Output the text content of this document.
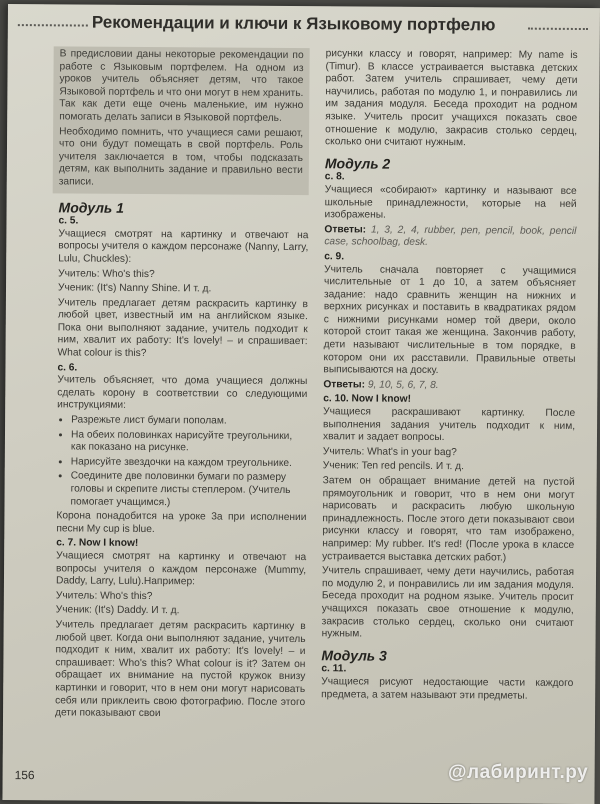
Рекомендации и ключи к Языковому портфелю

В предисловии даны некоторые рекомендации по работе с Языковым портфелем. На одном из уроков учитель объясняет детям, что такое Языковой портфель и что они могут в нем хранить. Так как дети еще очень маленькие, им нужно помогать делать записи в Языковой портфель.

Необходимо помнить, что учащиеся сами решают, что они будут помещать в свой портфель. Роль учителя заключается в том, чтобы подсказать детям, как выполнить задание и правильно вести записи.

Модуль 1
с. 5.

Учащиеся смотрят на картинку и отвечают на вопросы учителя о каждом персонаже (Nanny, Larry, Lulu, Chuckles):

Учитель: Who's this?

Ученик: (It's) Nanny Shine. И т. д.

Учитель предлагает детям раскрасить картинку в любой цвет, известный им на английском языке. Пока они выполняют задание, учитель подходит к ним, хвалит их работу: It's lovely! – и спрашивает: What colour is this?

с. 6.

Учитель объясняет, что дома учащиеся должны сделать корону в соответствии со следующими инструкциями:

• Разрежьте лист бумаги пополам.
• На обеих половинках нарисуйте треугольники, как показано на рисунке.
• Нарисуйте звездочки на каждом треугольнике.
• Соедините две половинки бумаги по размеру головы и скрепите листы степлером. (Учитель помогает учащимся.)

Корона понадобится на уроке 3а при исполнении песни My cup is blue.

с. 7. Now I know!

Учащиеся смотрят на картинку и отвечают на вопросы учителя о каждом персонаже (Mummy, Daddy, Larry, Lulu).Например:

Учитель: Who's this?

Ученик: (It's) Daddy. И т. д.

Учитель предлагает детям раскрасить картинку в любой цвет. Когда они выполняют задание, учитель подходит к ним, хвалит их работу: It's lovely! – и спрашивает: Who's this? What colour is it? Затем он обращает их внимание на пустой кружок внизу картинки и говорит, что в нем они могут нарисовать себя или приклеить свою фотографию. После этого дети показывают свои

рисунки классу и говорят, например: My name is (Timur). В классе устраивается выставка детских работ. Затем учитель спрашивает, чему дети научились, работая по модулю 1, и понравились ли им задания модуля. Беседа проходит на родном языке. Учитель просит учащихся показать свое отношение к модулю, закрасив столько сердец, сколько они считают нужным.

Модуль 2
с. 8.

Учащиеся «собирают» картинку и называют все школьные принадлежности, которые на ней изображены.

Ответы: 1, 3, 2, 4, rubber, pen, pencil, book, pencil case, schoolbag, desk.

с. 9.

Учитель сначала повторяет с учащимися числительные от 1 до 10, а затем объясняет задание: надо сравнить женщин на нижних и верхних рисунках и поставить в квадратиках рядом с нижними рисунками номер той двери, около которой стоит такая же женщина. Закончив работу, дети называют числительные в том порядке, в котором они их расставили. Правильные ответы выписываются на доску.

Ответы: 9, 10, 5, 6, 7, 8.

с. 10. Now I know!

Учащиеся раскрашивают картинку. После выполнения задания учитель подходит к ним, хвалит и задает вопросы.

Учитель: What's in your bag?

Ученик: Ten red pencils. И т. д.

Затем он обращает внимание детей на пустой прямоугольник и говорит, что в нем они могут нарисовать и раскрасить любую школьную принадлежность. После этого дети показывают свои рисунки классу и говорят, что там изображено, например: My rubber. It's red! (После урока в классе устраивается выставка детских работ.)

Учитель спрашивает, чему дети научились, работая по модулю 2, и понравились ли им задания модуля. Беседа проходит на родном языке. Учитель просит учащихся показать свое отношение к модулю, закрасив столько сердец, сколько они считают нужным.

Модуль 3
с. 11.

Учащиеся рисуют недостающие части каждого предмета, а затем называют эти предметы.

156	@лабиринт.ру
